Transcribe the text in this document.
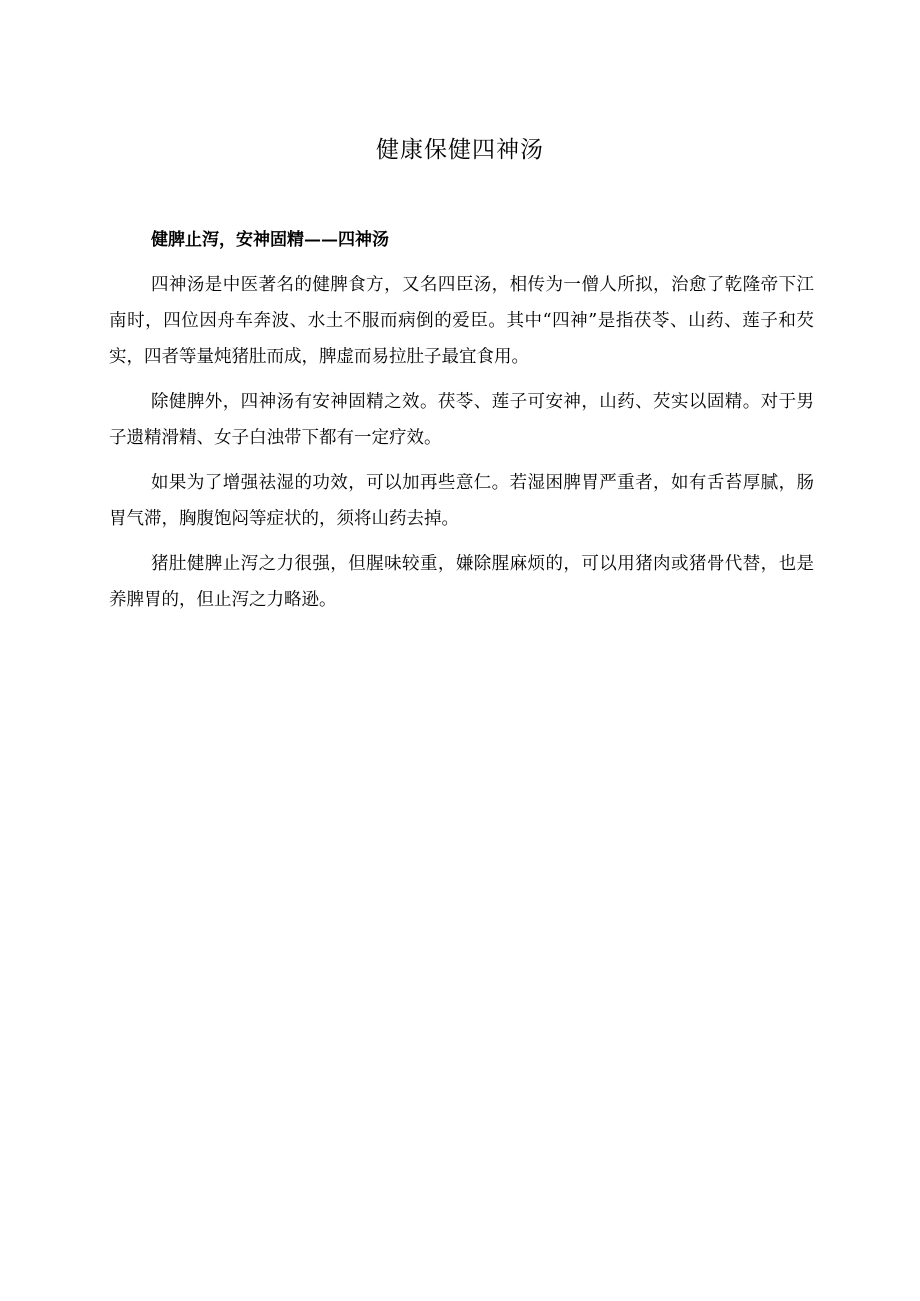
健康保健四神汤

健脾止泻，安神固精——四神汤

四神汤是中医著名的健脾食方，又名四臣汤，相传为一僧人所拟，治愈了乾隆帝下江南时，四位因舟车奔波、水土不服而病倒的爱臣。其中“四神”是指茯苓、山药、莲子和芡实，四者等量炖猪肚而成，脾虚而易拉肚子最宜食用。

除健脾外，四神汤有安神固精之效。茯苓、莲子可安神，山药、芡实以固精。对于男子遗精滑精、女子白浊带下都有一定疗效。

如果为了增强祛湿的功效，可以加再些意仁。若湿困脾胃严重者，如有舌苔厚腻，肠胃气滞，胸腹饱闷等症状的，须将山药去掉。

猪肚健脾止泻之力很强，但腥味较重，嫌除腥麻烦的，可以用猪肉或猪骨代替，也是养脾胃的，但止泻之力略逊。
